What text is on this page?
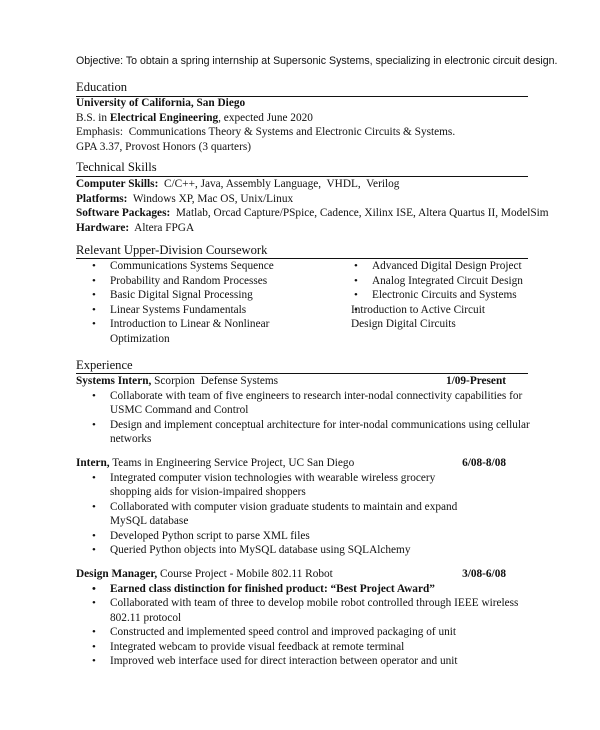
Objective: To obtain a spring internship at Supersonic Systems, specializing in electronic circuit design.
Education
University of California, San Diego
B.S. in Electrical Engineering, expected June 2020
Emphasis:  Communications Theory & Systems and Electronic Circuits & Systems.
GPA 3.37, Provost Honors (3 quarters)
Technical Skills
Computer Skills:  C/C++, Java, Assembly Language,  VHDL,  Verilog
Platforms:  Windows XP, Mac OS, Unix/Linux
Software Packages:  Matlab, Orcad Capture/PSpice, Cadence, Xilinx ISE, Altera Quartus II, ModelSim
Hardware:  Altera FPGA
Relevant Upper-Division Coursework
• Communications Systems Sequence
• Probability and Random Processes
• Basic Digital Signal Processing
• Linear Systems Fundamentals
• Introduction to Linear & Nonlinear Optimization
• Advanced Digital Design Project
• Analog Integrated Circuit Design
• Electronic Circuits and Systems
• Introduction to Active Circuit Design Digital Circuits
Experience
Systems Intern, Scorpion  Defense Systems	1/09-Present
• Collaborate with team of five engineers to research inter-nodal connectivity capabilities for USMC Command and Control
• Design and implement conceptual architecture for inter-nodal communications using cellular networks
Intern, Teams in Engineering Service Project, UC San Diego	6/08-8/08
• Integrated computer vision technologies with wearable wireless grocery shopping aids for vision-impaired shoppers
• Collaborated with computer vision graduate students to maintain and expand MySQL database
• Developed Python script to parse XML files
• Queried Python objects into MySQL database using SQLAlchemy
Design Manager, Course Project - Mobile 802.11 Robot	3/08-6/08
• Earned class distinction for finished product: “Best Project Award”
• Collaborated with team of three to develop mobile robot controlled through IEEE wireless 802.11 protocol
• Constructed and implemented speed control and improved packaging of unit
• Integrated webcam to provide visual feedback at remote terminal
• Improved web interface used for direct interaction between operator and unit
